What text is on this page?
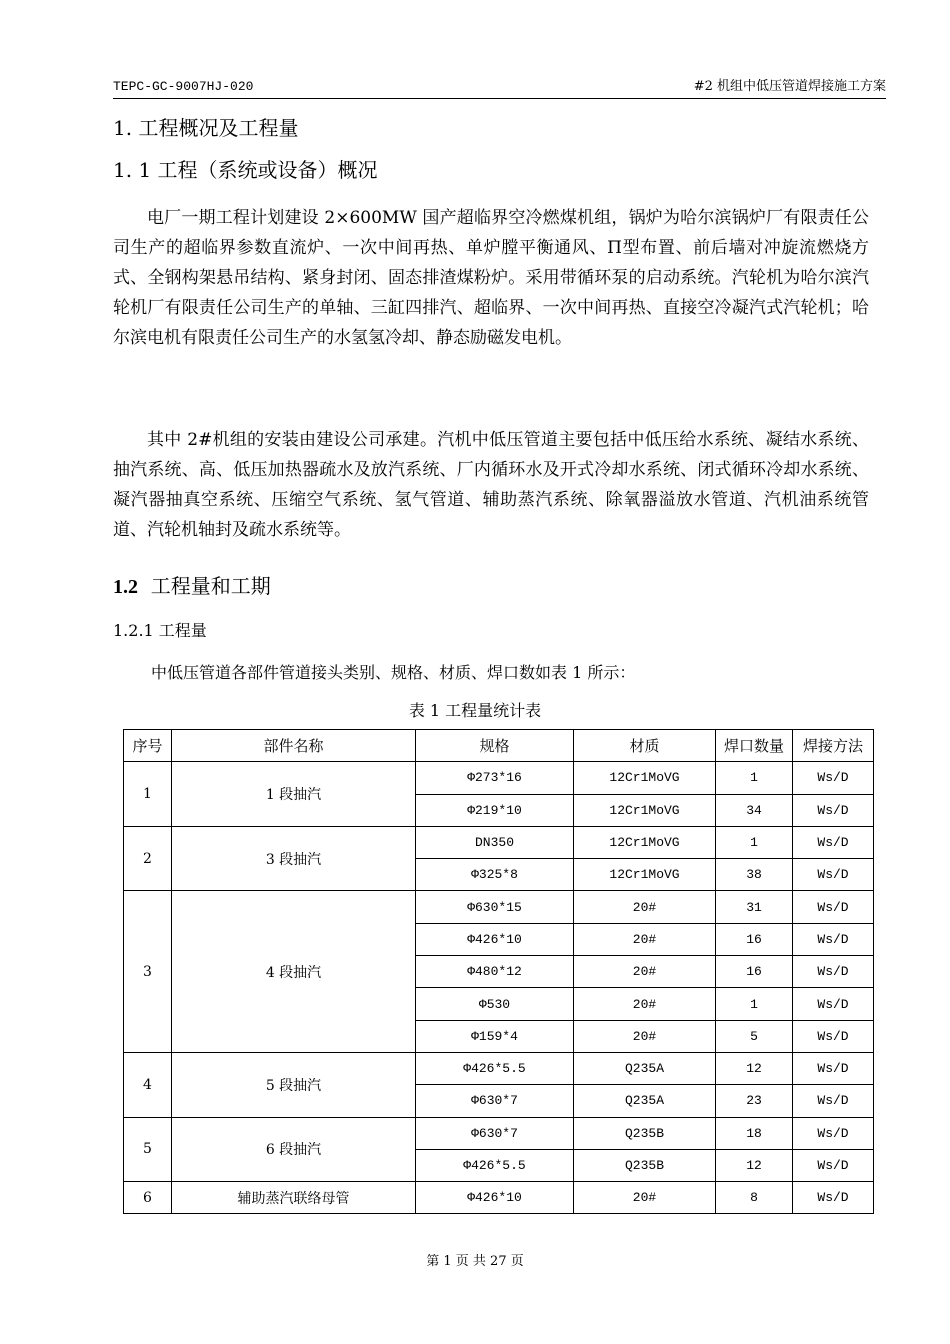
TEPC-GC-9007HJ-020	#2 机组中低压管道焊接施工方案
1. 工程概况及工程量
1. 1 工程（系统或设备）概况

电厂一期工程计划建设 2×600MW 国产超临界空冷燃煤机组，锅炉为哈尔滨锅炉厂有限责任公司生产的超临界参数直流炉、一次中间再热、单炉膛平衡通风、Π型布置、前后墙对冲旋流燃烧方式、全钢构架悬吊结构、紧身封闭、固态排渣煤粉炉。采用带循环泵的启动系统。汽轮机为哈尔滨汽轮机厂有限责任公司生产的单轴、三缸四排汽、超临界、一次中间再热、直接空冷凝汽式汽轮机；哈尔滨电机有限责任公司生产的水氢氢冷却、静态励磁发电机。

其中 2#机组的安装由建设公司承建。汽机中低压管道主要包括中低压给水系统、凝结水系统、抽汽系统、高、低压加热器疏水及放汽系统、厂内循环水及开式冷却水系统、闭式循环冷却水系统、凝汽器抽真空系统、压缩空气系统、氢气管道、辅助蒸汽系统、除氧器溢放水管道、汽机油系统管道、汽轮机轴封及疏水系统等。

1.2 工程量和工期
1.2.1 工程量
中低压管道各部件管道接头类别、规格、材质、焊口数如表 1 所示：
表 1 工程量统计表
序号	部件名称	规格	材质	焊口数量	焊接方法
1	1 段抽汽	Φ273*16	12Cr1MoVG	1	Ws/D
		Φ219*10	12Cr1MoVG	34	Ws/D
2	3 段抽汽	DN350	12Cr1MoVG	1	Ws/D
		Φ325*8	12Cr1MoVG	38	Ws/D
3	4 段抽汽	Φ630*15	20#	31	Ws/D
		Φ426*10	20#	16	Ws/D
		Φ480*12	20#	16	Ws/D
		Φ530	20#	1	Ws/D
		Φ159*4	20#	5	Ws/D
4	5 段抽汽	Φ426*5.5	Q235A	12	Ws/D
		Φ630*7	Q235A	23	Ws/D
5	6 段抽汽	Φ630*7	Q235B	18	Ws/D
		Φ426*5.5	Q235B	12	Ws/D
6	辅助蒸汽联络母管	Φ426*10	20#	8	Ws/D
第 1 页 共 27 页
